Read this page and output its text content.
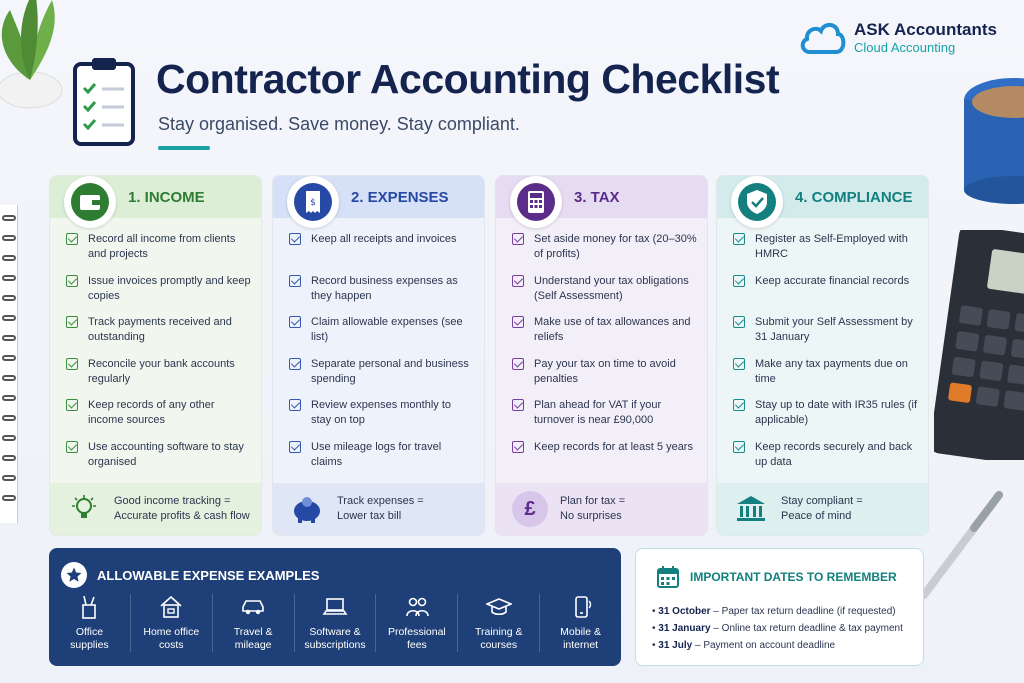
ASK Accountants
Cloud Accounting
Contractor Accounting Checklist
Stay organised. Save money. Stay compliant.
1. INCOME
Record all income from clients and projects
Issue invoices promptly and keep copies
Track payments received and outstanding
Reconcile your bank accounts regularly
Keep records of any other income sources
Use accounting software to stay organised
Good income tracking =
Accurate profits & cash flow
$	2. EXPENSES
Keep all receipts and invoices
Record business expenses as they happen
Claim allowable expenses (see list)
Separate personal and business spending
Review expenses monthly to stay on top
Use mileage logs for travel claims
Track expenses =
Lower tax bill
3. TAX
Set aside money for tax (20–30% of profits)
Understand your tax obligations (Self Assessment)
Make use of tax allowances and reliefs
Pay your tax on time to avoid penalties
Plan ahead for VAT if your turnover is near £90,000
Keep records for at least 5 years
£ Plan for tax =
No surprises
4. COMPLIANCE
Register as Self-Employed with HMRC
Keep accurate financial records
Submit your Self Assessment by 31 January
Make any tax payments due on time
Stay up to date with IR35 rules (if applicable)
Keep records securely and back up data
Stay compliant =
Peace of mind
ALLOWABLE EXPENSE EXAMPLES
Office
supplies
Home office
costs
Travel &
mileage
Software &
subscriptions
Professional
fees
Training &
courses
Mobile &
internet
IMPORTANT DATES TO REMEMBER
• 31 October – Paper tax return deadline (if requested)
• 31 January – Online tax return deadline & tax payment
• 31 July – Payment on account deadline
